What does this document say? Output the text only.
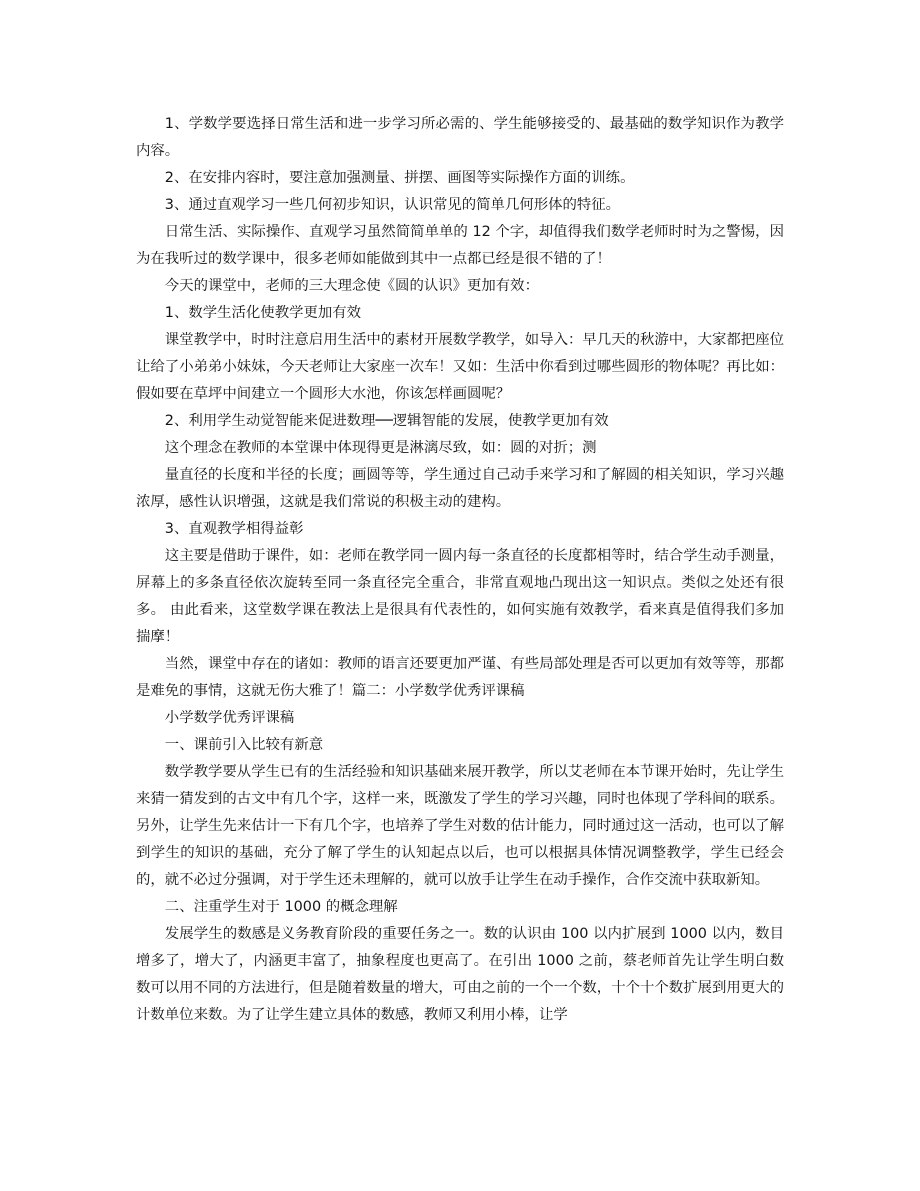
1、学数学要选择日常生活和进一步学习所必需的、学生能够接受的、最基础的数学知识作为教学内容。

2、在安排内容时，要注意加强测量、拼摆、画图等实际操作方面的训练。

3、通过直观学习一些几何初步知识，认识常见的简单几何形体的特征。

日常生活、实际操作、直观学习虽然简简单单的 12 个字，却值得我们数学老师时时为之警惕，因为在我听过的数学课中，很多老师如能做到其中一点都已经是很不错的了！

今天的课堂中，老师的三大理念使《圆的认识》更加有效：

1、数学生活化使教学更加有效

课堂教学中，时时注意启用生活中的素材开展数学教学，如导入：早几天的秋游中，大家都把座位让给了小弟弟小妹妹，今天老师让大家座一次车！又如：生活中你看到过哪些圆形的物体呢？再比如：假如要在草坪中间建立一个圆形大水池，你该怎样画圆呢？

2、利用学生动觉智能来促进数理──逻辑智能的发展，使教学更加有效

这个理念在教师的本堂课中体现得更是淋漓尽致，如：圆的对折；测

量直径的长度和半径的长度；画圆等等，学生通过自己动手来学习和了解圆的相关知识，学习兴趣浓厚，感性认识增强，这就是我们常说的积极主动的建构。

3、直观教学相得益彰

这主要是借助于课件，如：老师在教学同一圆内每一条直径的长度都相等时，结合学生动手测量，屏幕上的多条直径依次旋转至同一条直径完全重合，非常直观地凸现出这一知识点。类似之处还有很多。 由此看来，这堂数学课在教法上是很具有代表性的，如何实施有效教学，看来真是值得我们多加揣摩！

当然，课堂中存在的诸如：教师的语言还要更加严谨、有些局部处理是否可以更加有效等等，那都是难免的事情，这就无伤大雅了！篇二：小学数学优秀评课稿

小学数学优秀评课稿

一、课前引入比较有新意

数学教学要从学生已有的生活经验和知识基础来展开教学，所以艾老师在本节课开始时，先让学生来猜一猜发到的古文中有几个字，这样一来，既激发了学生的学习兴趣，同时也体现了学科间的联系。另外，让学生先来估计一下有几个字，也培养了学生对数的估计能力，同时通过这一活动，也可以了解到学生的知识的基础，充分了解了学生的认知起点以后，也可以根据具体情况调整教学，学生已经会的，就不必过分强调，对于学生还未理解的，就可以放手让学生在动手操作，合作交流中获取新知。

二、注重学生对于 1000 的概念理解

发展学生的数感是义务教育阶段的重要任务之一。数的认识由 100 以内扩展到 1000 以内，数目增多了，增大了，内涵更丰富了，抽象程度也更高了。在引出 1000 之前，蔡老师首先让学生明白数数可以用不同的方法进行，但是随着数量的增大，可由之前的一个一个数，十个十个数扩展到用更大的计数单位来数。为了让学生建立具体的数感，教师又利用小棒，让学
